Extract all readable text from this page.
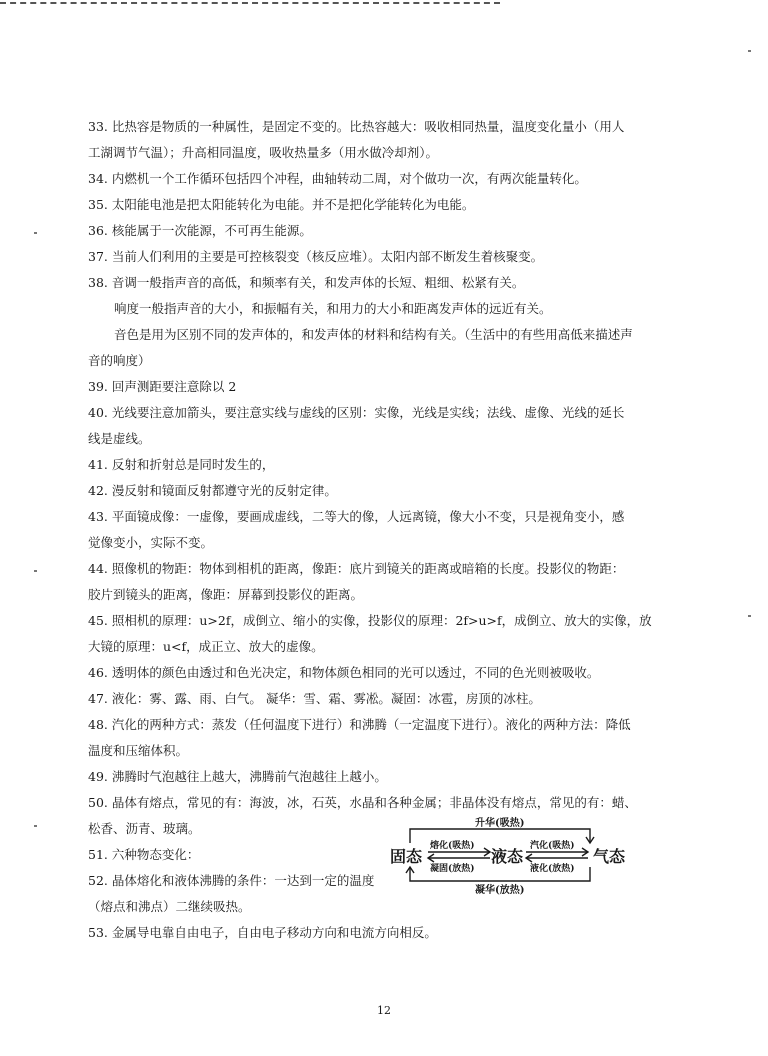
33. 比热容是物质的一种属性，是固定不变的。比热容越大：吸收相同热量，温度变化量小（用人
工湖调节气温）；升高相同温度，吸收热量多（用水做冷却剂）。
34. 内燃机一个工作循环包括四个冲程，曲轴转动二周，对个做功一次，有两次能量转化。
35. 太阳能电池是把太阳能转化为电能。并不是把化学能转化为电能。
36. 核能属于一次能源，不可再生能源。
37. 当前人们利用的主要是可控核裂变（核反应堆）。太阳内部不断发生着核聚变。
38. 音调一般指声音的高低，和频率有关，和发声体的长短、粗细、松紧有关。
响度一般指声音的大小，和振幅有关，和用力的大小和距离发声体的远近有关。
音色是用为区别不同的发声体的，和发声体的材料和结构有关。（生活中的有些用高低来描述声
音的响度）
39. 回声测距要注意除以 2
40. 光线要注意加箭头，要注意实线与虚线的区别：实像，光线是实线；法线、虚像、光线的延长
线是虚线。
41. 反射和折射总是同时发生的，
42. 漫反射和镜面反射都遵守光的反射定律。
43. 平面镜成像：一虚像，要画成虚线，二等大的像，人远离镜，像大小不变，只是视角变小，感
觉像变小，实际不变。
44. 照像机的物距：物体到相机的距离，像距：底片到镜关的距离或暗箱的长度。投影仪的物距：
胶片到镜头的距离，像距：屏幕到投影仪的距离。
45. 照相机的原理：u>2f，成倒立、缩小的实像，投影仪的原理：2f>u>f，成倒立、放大的实像，放
大镜的原理：u<f，成正立、放大的虚像。
46. 透明体的颜色由透过和色光决定，和物体颜色相同的光可以透过，不同的色光则被吸收。
47. 液化：雾、露、雨、白气。 凝华：雪、霜、雾凇。凝固：冰雹，房顶的冰柱。
48. 汽化的两种方式：蒸发（任何温度下进行）和沸腾（一定温度下进行）。液化的两种方法：降低
温度和压缩体积。
49. 沸腾时气泡越往上越大，沸腾前气泡越往上越小。
50. 晶体有熔点，常见的有：海波，冰，石英，水晶和各种金属；非晶体没有熔点，常见的有：蜡、
松香、沥青、玻璃。
51. 六种物态变化：
52. 晶体熔化和液体沸腾的条件：一达到一定的温度
（熔点和沸点）二继续吸热。
53. 金属导电靠自由电子，自由电子移动方向和电流方向相反。
固态	液态	气态
升华(吸热)
凝华(放热)
熔化(吸热)
凝固(放热)
汽化(吸热)
液化(放热)
12
